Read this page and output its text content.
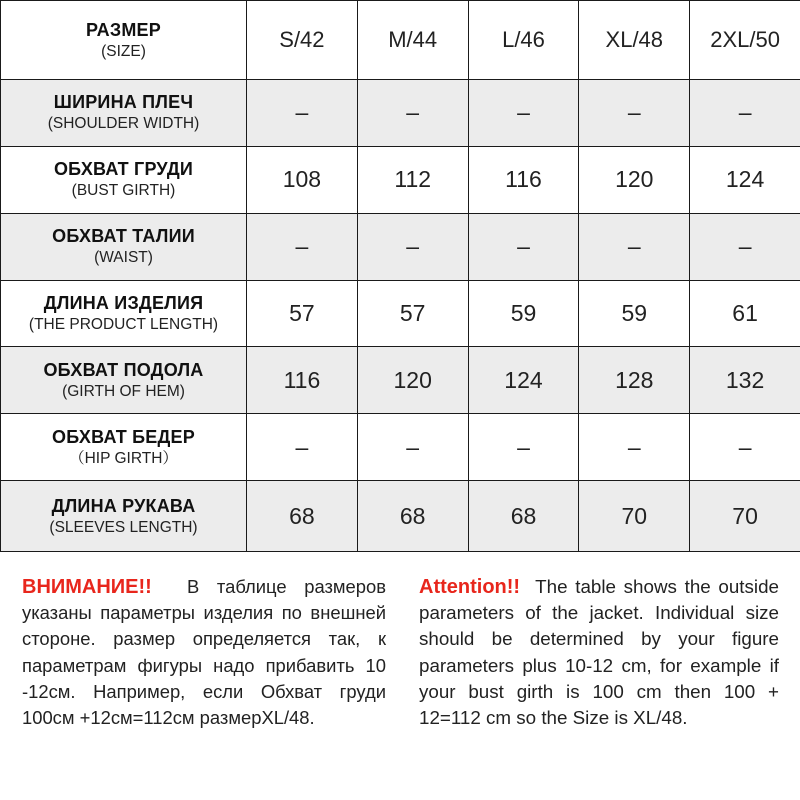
РАЗМЕР
(SIZE)	S/42	M/44	L/46	XL/48	2XL/50

ШИРИНА ПЛЕЧ
(SHOULDER WIDTH)	–	–	–	–	–

ОБХВАТ ГРУДИ
(BUST GIRTH)	108	112	116	120	124

ОБХВАТ ТАЛИИ
(WAIST)	–	–	–	–	–

ДЛИНА ИЗДЕЛИЯ
(THE PRODUCT LENGTH)	57	57	59	59	61

ОБХВАТ ПОДОЛА
(GIRTH OF HEM)	116	120	124	128	132

ОБХВАТ БЕДЕР
（HIP GIRTH）	–	–	–	–	–

ДЛИНА РУКАВА
(SLEEVES LENGTH)	68	68	68	70	70
ВНИМАНИЕ!! В таблице размеров указаны параметры изделия по внешней стороне. размер определяется так, к параметрам фигуры надо прибавить 10 -12см. Например, если Обхват груди 100см +12см=112см размерXL/48.
Attention!! The table shows the outside parameters of the jacket. Individual size should be determined by your figure parameters plus 10-12 cm, for example if your bust girth is 100 cm then 100 + 12=112 cm so the Size is XL/48.
